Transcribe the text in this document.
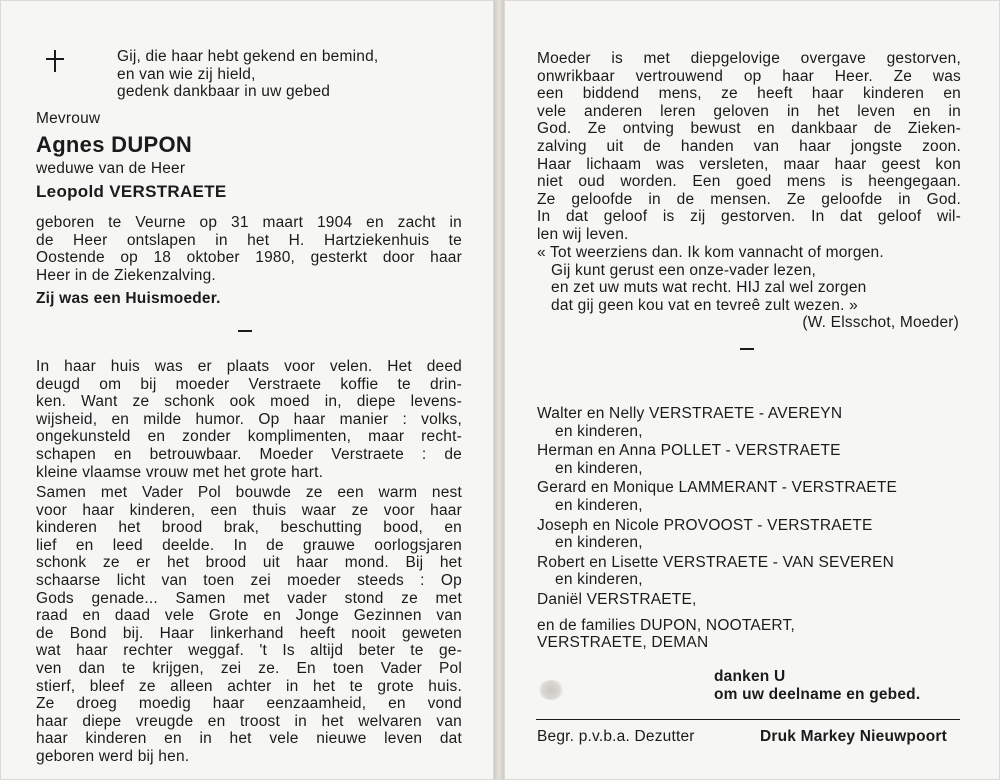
Gij, die haar hebt gekend en bemind,
en van wie zij hield,
gedenk dankbaar in uw gebed
Mevrouw
Agnes DUPON
weduwe van de Heer
Leopold VERSTRAETE
geboren te Veurne op 31 maart 1904 en zacht in
de Heer ontslapen in het H. Hartziekenhuis te
Oostende op 18 oktober 1980, gesterkt door haar
Heer in de Ziekenzalving.
Zij was een Huismoeder.
In haar huis was er plaats voor velen. Het deed
deugd om bij moeder Verstraete koffie te drin-
ken. Want ze schonk ook moed in, diepe levens-
wijsheid, en milde humor. Op haar manier : volks,
ongekunsteld en zonder komplimenten, maar recht-
schapen en betrouwbaar. Moeder Verstraete : de
kleine vlaamse vrouw met het grote hart.
Samen met Vader Pol bouwde ze een warm nest
voor haar kinderen, een thuis waar ze voor haar
kinderen het brood brak, beschutting bood, en
lief en leed deelde. In de grauwe oorlogsjaren
schonk ze er het brood uit haar mond. Bij het
schaarse licht van toen zei moeder steeds : Op
Gods genade... Samen met vader stond ze met
raad en daad vele Grote en Jonge Gezinnen van
de Bond bij. Haar linkerhand heeft nooit geweten
wat haar rechter weggaf. 't Is altijd beter te ge-
ven dan te krijgen, zei ze. En toen Vader Pol
stierf, bleef ze alleen achter in het te grote huis.
Ze droeg moedig haar eenzaamheid, en vond
haar diepe vreugde en troost in het welvaren van
haar kinderen en in het vele nieuwe leven dat
geboren werd bij hen.
Moeder is met diepgelovige overgave gestorven,
onwrikbaar vertrouwend op haar Heer. Ze was
een biddend mens, ze heeft haar kinderen en
vele anderen leren geloven in het leven en in
God. Ze ontving bewust en dankbaar de Zieken-
zalving uit de handen van haar jongste zoon.
Haar lichaam was versleten, maar haar geest kon
niet oud worden. Een goed mens is heengegaan.
Ze geloofde in de mensen. Ze geloofde in God.
In dat geloof is zij gestorven. In dat geloof wil-
len wij leven.
« Tot weerziens dan. Ik kom vannacht of morgen.
Gij kunt gerust een onze-vader lezen,
en zet uw muts wat recht. HIJ zal wel zorgen
dat gij geen kou vat en tevreê zult wezen. »
(W. Elsschot, Moeder)
Walter en Nelly VERSTRAETE - AVEREYN
en kinderen,
Herman en Anna POLLET - VERSTRAETE
en kinderen,
Gerard en Monique LAMMERANT - VERSTRAETE
en kinderen,
Joseph en Nicole PROVOOST - VERSTRAETE
en kinderen,
Robert en Lisette VERSTRAETE - VAN SEVEREN
en kinderen,
Daniël VERSTRAETE,
en de families DUPON, NOOTAERT,
VERSTRAETE, DEMAN
danken U
om uw deelname en gebed.
Begr. p.v.b.a. Dezutter	Druk Markey Nieuwpoort
